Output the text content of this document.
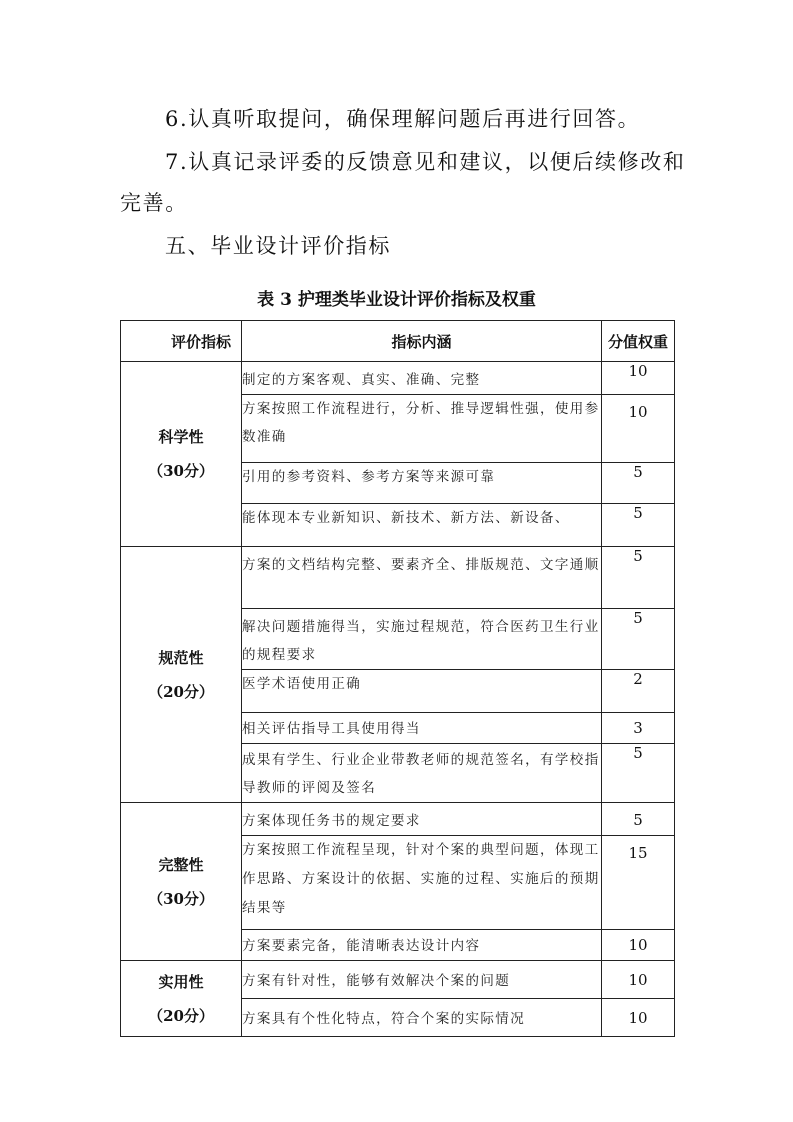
6.认真听取提问，确保理解问题后再进行回答。

7.认真记录评委的反馈意见和建议，以便后续修改和

完善。

五、毕业设计评价指标

表 3 护理类毕业设计评价指标及权重

评价指标	指标内涵	分值权重

科学性
（30分）	制定的方案客观、真实、准确、完整	10
	方案按照工作流程进行，分析、推导逻辑性强，使用参数准确	10
	引用的参考资料、参考方案等来源可靠	5
	能体现本专业新知识、新技术、新方法、新设备、	5

规范性
（20分）	方案的文档结构完整、要素齐全、排版规范、文字通顺	5
	解决问题措施得当，实施过程规范，符合医药卫生行业的规程要求	5
	医学术语使用正确	2
	相关评估指导工具使用得当	3
	成果有学生、行业企业带教老师的规范签名，有学校指导教师的评阅及签名	5

完整性
（30分）	方案体现任务书的规定要求	5
	方案按照工作流程呈现，针对个案的典型问题，体现工作思路、方案设计的依据、实施的过程、实施后的预期结果等	15
	方案要素完备，能清晰表达设计内容	10

实用性
（20分）	方案有针对性，能够有效解决个案的问题	10
	方案具有个性化特点，符合个案的实际情况	10
